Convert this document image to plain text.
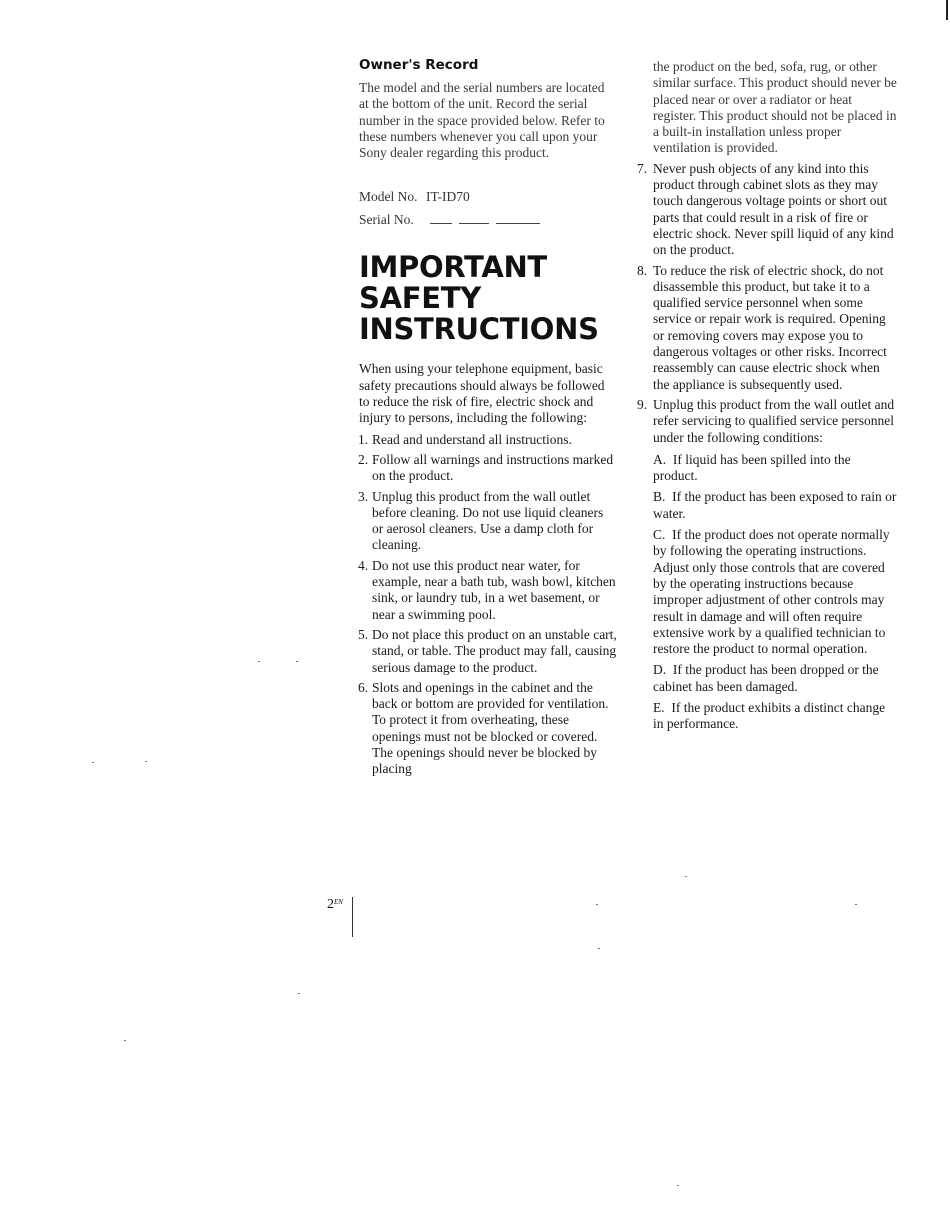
Owner's Record

The model and the serial numbers are located at the bottom of the unit. Record the serial number in the space provided below. Refer to these numbers whenever you call upon your Sony dealer regarding this product.

Model No. IT-ID70
Serial No.
IMPORTANT
SAFETY
INSTRUCTIONS

When using your telephone equipment, basic safety precautions should always be followed to reduce the risk of fire, electric shock and injury to persons, including the following:

1. Read and understand all instructions.
2. Follow all warnings and instructions marked on the product.
3. Unplug this product from the wall outlet before cleaning. Do not use liquid cleaners or aerosol cleaners. Use a damp cloth for cleaning.
4. Do not use this product near water, for example, near a bath tub, wash bowl, kitchen sink, or laundry tub, in a wet basement, or near a swimming pool.
5. Do not place this product on an unstable cart, stand, or table. The product may fall, causing serious damage to the product.
6. Slots and openings in the cabinet and the back or bottom are provided for ventilation. To protect it from overheating, these openings must not be blocked or covered. The openings should never be blocked by placing

the product on the bed, sofa, rug, or other similar surface. This product should never be placed near or over a radiator or heat register. This product should not be placed in a built-in installation unless proper ventilation is provided.

7. Never push objects of any kind into this product through cabinet slots as they may touch dangerous voltage points or short out parts that could result in a risk of fire or electric shock. Never spill liquid of any kind on the product.
8. To reduce the risk of electric shock, do not disassemble this product, but take it to a qualified service personnel when some service or repair work is required. Opening or removing covers may expose you to dangerous voltages or other risks. Incorrect reassembly can cause electric shock when the appliance is subsequently used.
9. Unplug this product from the wall outlet and refer servicing to qualified service personnel under the following conditions:
A. If liquid has been spilled into the product.
B. If the product has been exposed to rain or water.
C. If the product does not operate normally by following the operating instructions. Adjust only those controls that are covered by the operating instructions because improper adjustment of other controls may result in damage and will often require extensive work by a qualified technician to restore the product to normal operation.
D. If the product has been dropped or the cabinet has been damaged.
E. If the product exhibits a distinct change in performance.
$2^{EN}$
